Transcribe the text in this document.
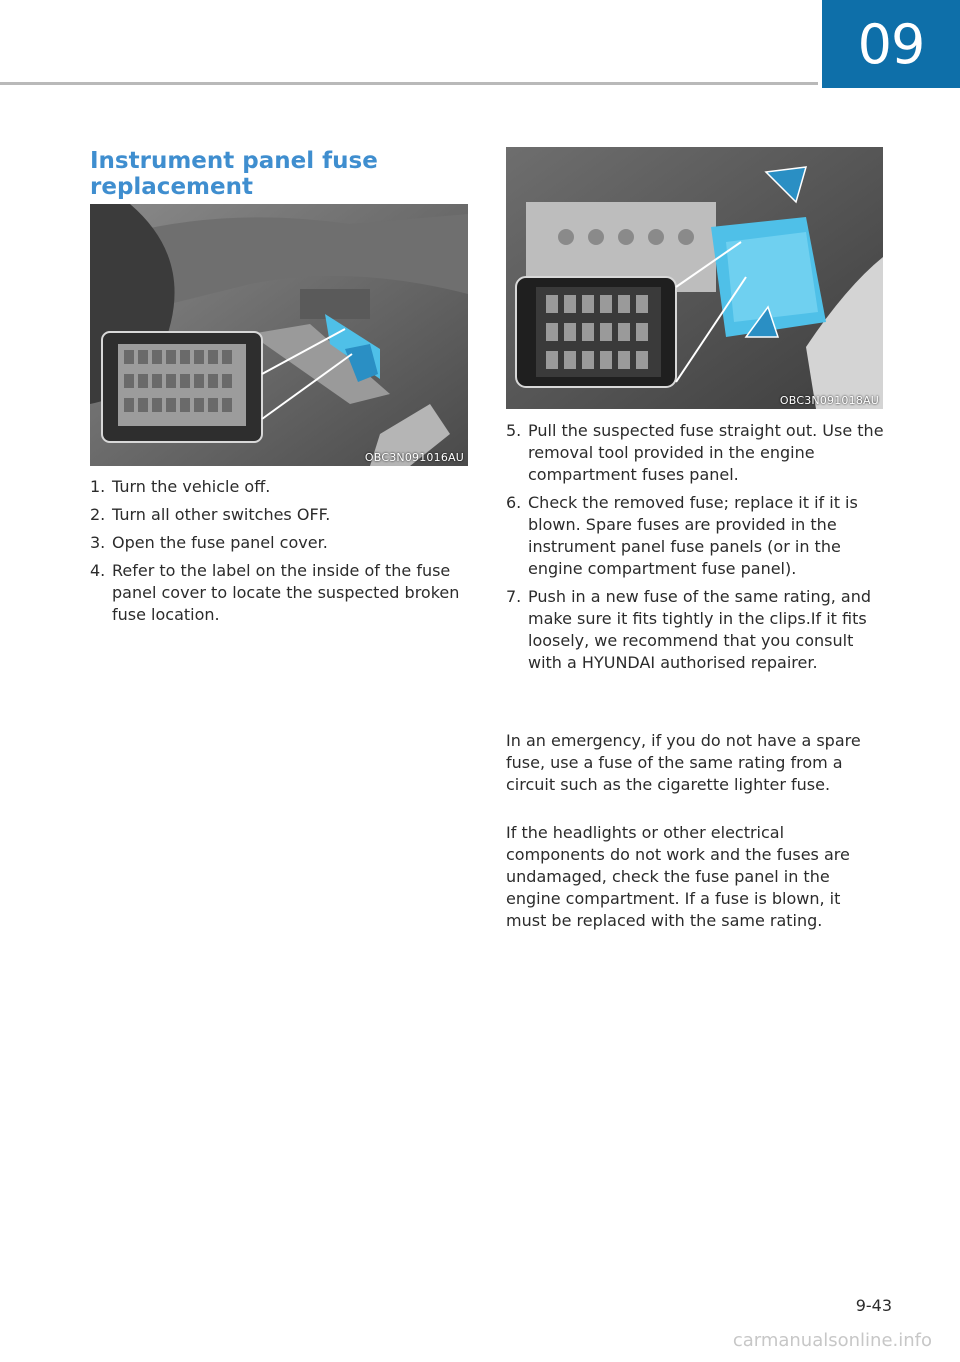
09
Instrument panel fuse replacement
OBC3N091016AU
OBC3N091018AU
1. Turn the vehicle off.
2. Turn all other switches OFF.
3. Open the fuse panel cover.
4. Refer to the label on the inside of the fuse panel cover to locate the suspected broken fuse location.
5. Pull the suspected fuse straight out. Use the removal tool provided in the engine compartment fuses panel.
6. Check the removed fuse; replace it if it is blown. Spare fuses are provided in the instrument panel fuse panels (or in the engine compartment fuse panel).
7. Push in a new fuse of the same rating, and make sure it fits tightly in the clips.If it fits loosely, we recommend that you consult with a HYUNDAI authorised repairer.

In an emergency, if you do not have a spare fuse, use a fuse of the same rating from a circuit such as the cigarette lighter fuse.

If the headlights or other electrical components do not work and the fuses are undamaged, check the fuse panel in the engine compartment. If a fuse is blown, it must be replaced with the same rating.

9-43
carmanualsonline.info
